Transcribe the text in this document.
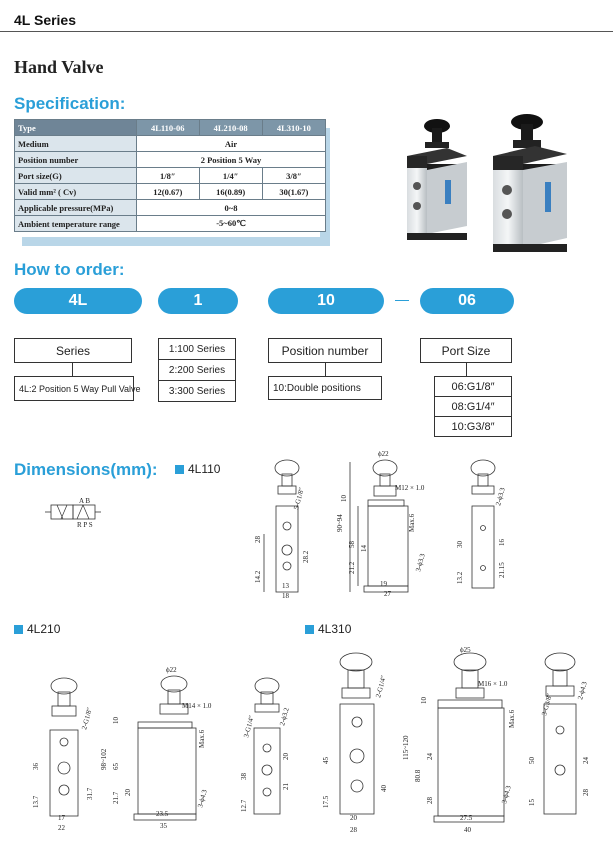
4L Series
Hand Valve
Specification:
Type	4L110-06	4L210-08	4L310-10
Medium	Air		
Position number	2 Position 5 Way		
Port size(G)	1/8″	1/4″	3/8″
Valid mm² ( Cv)	12(0.67)	16(0.89)	30(1.67)
Applicable pressure(MPa)	0~8		
Ambient temperature range	-5~60℃		
How to order:
4L	1	10	06
Series
4L:2 Position 5 Way Pull Valve
1:100 Series
2:200 Series
3:300 Series
Position number
10:Double positions
Port Size
06:G1/8″
08:G1/4″
10:G3/8″
Dimensions(mm):	4L110
4L210	4L310
A B
R P S
5-G1/8″
28
14.2
13
18
28.2
ϕ22
M12 × 1.0
10
90~94
58
21.2
14
Max.6
3-ϕ3.3
19
27
2-ϕ3.3
30	16
21.15
13.2
2-G1/8″
36
31.7
13.7
17
22
ϕ22
M14 × 1.0
10
98~102 65
20
21.7
Max.6
3-ϕ4.3
23.5
35
3-G1/4″	2-ϕ3.2
38
20
21
12.7
2-G1/4″
45
40
17.5
20
28
ϕ25
M16 × 1.0
10
115~120
80.8
24
28
Max.6
3-ϕ4.3
27.5
40
3-G3/8″
2-ϕ4.3
50	24
28
15
